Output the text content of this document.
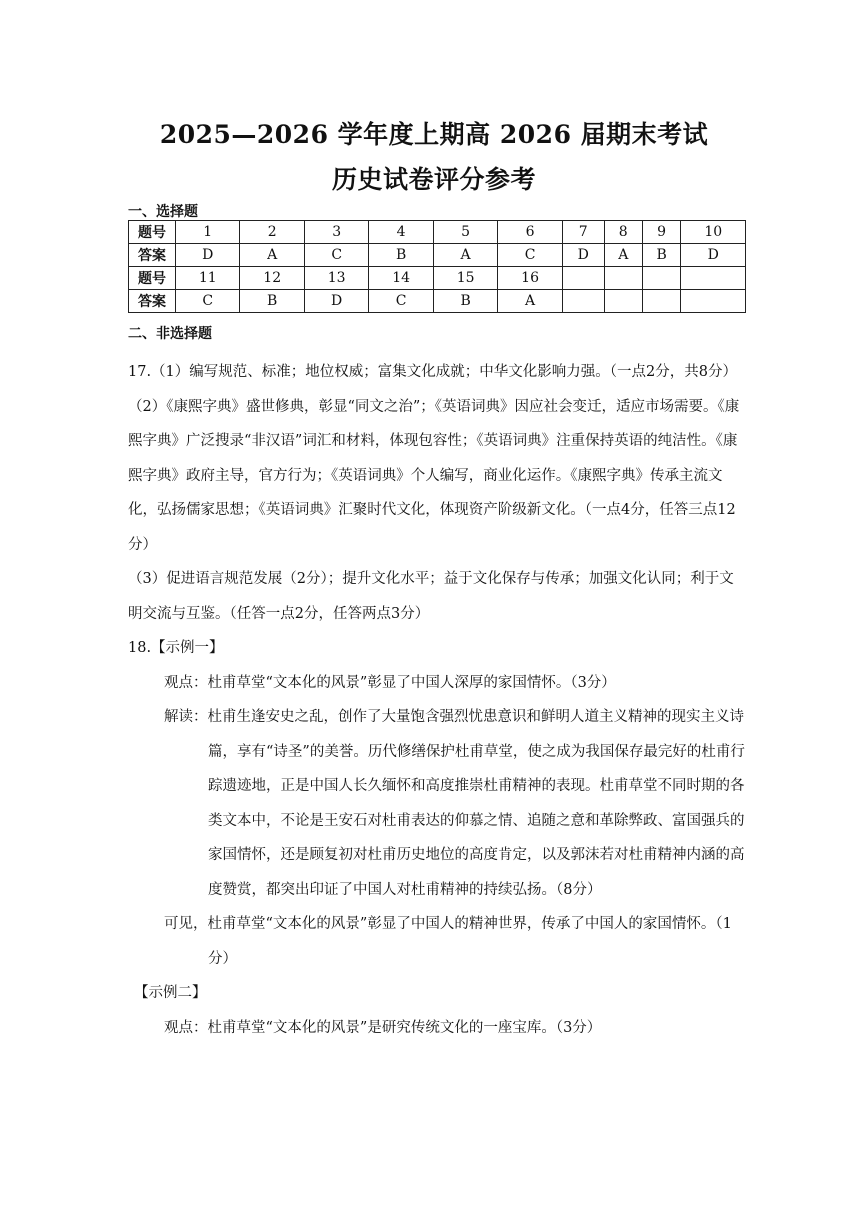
2025—2026 学年度上期高 2026 届期末考试
历史试卷评分参考
一、选择题
题号	1	2	3	4	5	6	7	8	9	10
答案	D	A	C	B	A	C	D	A	B	D
题号	11	12	13	14	15	16				
答案	C	B	D	C	B	A				
二、非选择题

17.（1）编写规范、标准；地位权威；富集文化成就；中华文化影响力强。（一点2分，共8分）

（2）《康熙字典》盛世修典，彰显“同文之治”；《英语词典》因应社会变迁，适应市场需要。《康熙字典》广泛搜录“非汉语”词汇和材料，体现包容性；《英语词典》注重保持英语的纯洁性。《康熙字典》政府主导，官方行为；《英语词典》个人编写，商业化运作。《康熙字典》传承主流文化，弘扬儒家思想；《英语词典》汇聚时代文化，体现资产阶级新文化。（一点4分，任答三点12分）

（3）促进语言规范发展（2分）；提升文化水平；益于文化保存与传承；加强文化认同；利于文明交流与互鉴。（任答一点2分，任答两点3分）

18.【示例一】

观点：杜甫草堂“文本化的风景”彰显了中国人深厚的家国情怀。（3分）

解读：杜甫生逢安史之乱，创作了大量饱含强烈忧患意识和鲜明人道主义精神的现实主义诗篇，享有“诗圣”的美誉。历代修缮保护杜甫草堂，使之成为我国保存最完好的杜甫行踪遗迹地，正是中国人长久缅怀和高度推崇杜甫精神的表现。杜甫草堂不同时期的各类文本中，不论是王安石对杜甫表达的仰慕之情、追随之意和革除弊政、富国强兵的家国情怀，还是顾复初对杜甫历史地位的高度肯定，以及郭沫若对杜甫精神内涵的高度赞赏，都突出印证了中国人对杜甫精神的持续弘扬。（8分）

可见，杜甫草堂“文本化的风景”彰显了中国人的精神世界，传承了中国人的家国情怀。（1分）

【示例二】

观点：杜甫草堂“文本化的风景”是研究传统文化的一座宝库。（3分）
